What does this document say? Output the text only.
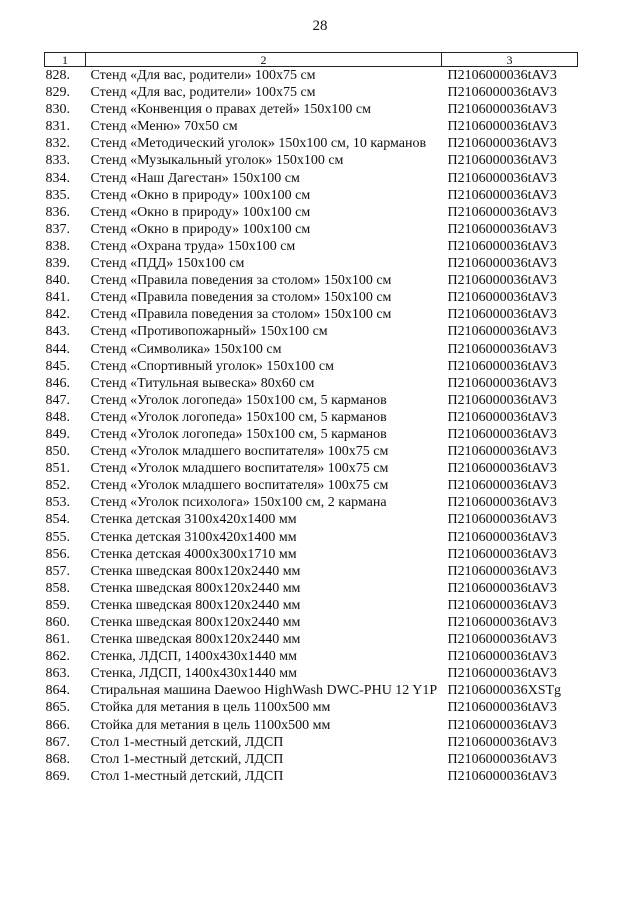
28
1	2	3
828.	Стенд «Для вас, родители» 100х75 см	П2106000036tAV3
829.	Стенд «Для вас, родители» 100х75 см	П2106000036tAV3
830.	Стенд «Конвенция о правах детей» 150х100 см	П2106000036tAV3
831.	Стенд «Меню» 70х50 см	П2106000036tAV3
832.	Стенд «Методический уголок» 150х100 см, 10 карманов	П2106000036tAV3
833.	Стенд «Музыкальный уголок» 150х100 см	П2106000036tAV3
834.	Стенд «Наш Дагестан» 150х100 см	П2106000036tAV3
835.	Стенд «Окно в природу» 100х100 см	П2106000036tAV3
836.	Стенд «Окно в природу» 100х100 см	П2106000036tAV3
837.	Стенд «Окно в природу» 100х100 см	П2106000036tAV3
838.	Стенд «Охрана труда» 150х100 см	П2106000036tAV3
839.	Стенд «ПДД» 150х100 см	П2106000036tAV3
840.	Стенд «Правила поведения за столом» 150х100 см	П2106000036tAV3
841.	Стенд «Правила поведения за столом» 150х100 см	П2106000036tAV3
842.	Стенд «Правила поведения за столом» 150х100 см	П2106000036tAV3
843.	Стенд «Противопожарный» 150х100 см	П2106000036tAV3
844.	Стенд «Символика» 150х100 см	П2106000036tAV3
845.	Стенд «Спортивный уголок» 150х100 см	П2106000036tAV3
846.	Стенд «Титульная вывеска» 80х60 см	П2106000036tAV3
847.	Стенд «Уголок логопеда» 150х100 см, 5 карманов	П2106000036tAV3
848.	Стенд «Уголок логопеда» 150х100 см, 5 карманов	П2106000036tAV3
849.	Стенд «Уголок логопеда» 150х100 см, 5 карманов	П2106000036tAV3
850.	Стенд «Уголок младшего воспитателя» 100х75 см	П2106000036tAV3
851.	Стенд «Уголок младшего воспитателя» 100х75 см	П2106000036tAV3
852.	Стенд «Уголок младшего воспитателя» 100х75 см	П2106000036tAV3
853.	Стенд «Уголок психолога» 150х100 см, 2 кармана	П2106000036tAV3
854.	Стенка детская 3100х420х1400 мм	П2106000036tAV3
855.	Стенка детская 3100х420х1400 мм	П2106000036tAV3
856.	Стенка детская 4000х300х1710 мм	П2106000036tAV3
857.	Стенка шведская 800х120х2440 мм	П2106000036tAV3
858.	Стенка шведская 800х120х2440 мм	П2106000036tAV3
859.	Стенка шведская 800х120х2440 мм	П2106000036tAV3
860.	Стенка шведская 800х120х2440 мм	П2106000036tAV3
861.	Стенка шведская 800х120х2440 мм	П2106000036tAV3
862.	Стенка, ЛДСП, 1400х430х1440 мм	П2106000036tAV3
863.	Стенка, ЛДСП, 1400х430х1440 мм	П2106000036tAV3
864.	Стиральная машина Daewoo HighWash DWC-PHU 12 Y1P	П2106000036XSTg
865.	Стойка для метания в цель 1100х500 мм	П2106000036tAV3
866.	Стойка для метания в цель 1100х500 мм	П2106000036tAV3
867.	Стол 1-местный детский, ЛДСП	П2106000036tAV3
868.	Стол 1-местный детский, ЛДСП	П2106000036tAV3
869.	Стол 1-местный детский, ЛДСП	П2106000036tAV3
